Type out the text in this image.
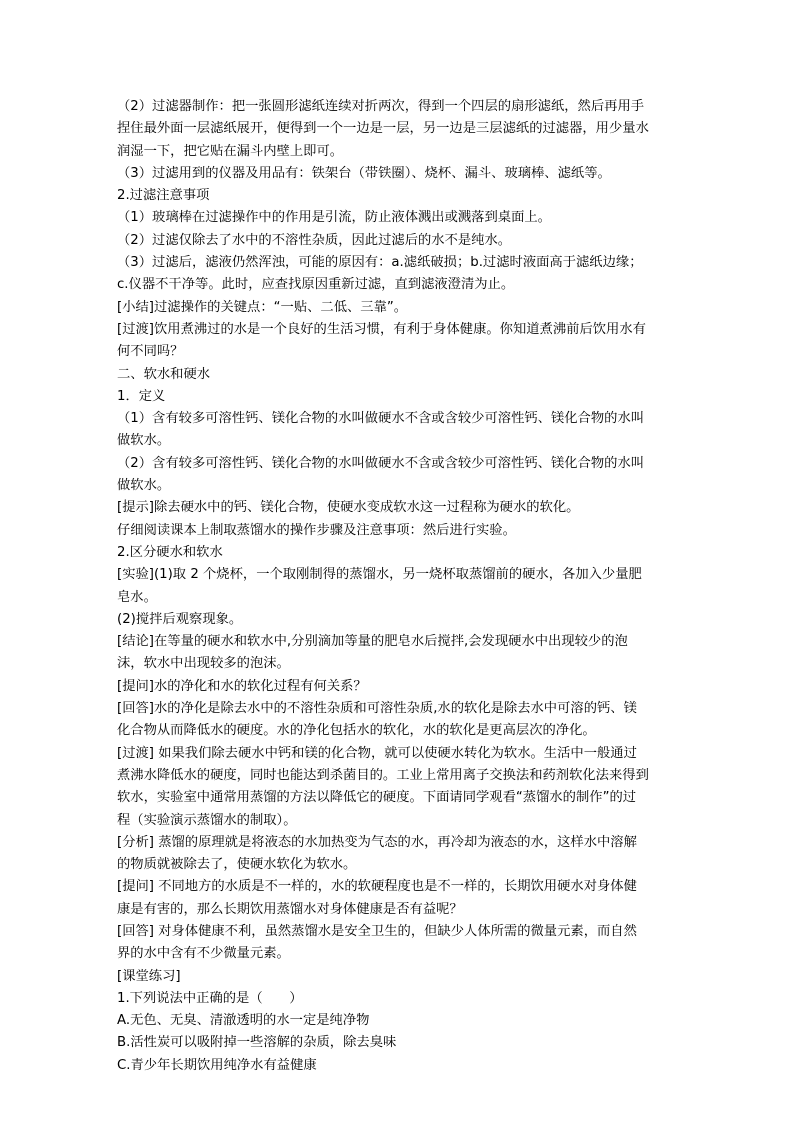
（2）过滤器制作：把一张圆形滤纸连续对折两次，得到一个四层的扇形滤纸，然后再用手
捏住最外面一层滤纸展开，便得到一个一边是一层，另一边是三层滤纸的过滤器，用少量水
润湿一下，把它贴在漏斗内壁上即可。
（3）过滤用到的仪器及用品有：铁架台（带铁圈）、烧杯、漏斗、玻璃棒、滤纸等。
2.过滤注意事项
（1）玻璃棒在过滤操作中的作用是引流，防止液体溅出或溅落到桌面上。
（2）过滤仅除去了水中的不溶性杂质，因此过滤后的水不是纯水。
（3）过滤后，滤液仍然浑浊，可能的原因有：a.滤纸破损；b.过滤时液面高于滤纸边缘；
c.仪器不干净等。此时，应查找原因重新过滤，直到滤液澄清为止。
[小结]过滤操作的关键点：“一贴、二低、三靠”。
[过渡]饮用煮沸过的水是一个良好的生活习惯，有利于身体健康。你知道煮沸前后饮用水有
何不同吗？
二、软水和硬水
1．定义
（1）含有较多可溶性钙、镁化合物的水叫做硬水不含或含较少可溶性钙、镁化合物的水叫
做软水。
（2）含有较多可溶性钙、镁化合物的水叫做硬水不含或含较少可溶性钙、镁化合物的水叫
做软水。
[提示]除去硬水中的钙、镁化合物，使硬水变成软水这一过程称为硬水的软化。
仔细阅读课本上制取蒸馏水的操作步骤及注意事项：然后进行实验。
2.区分硬水和软水
[实验](1)取 2 个烧杯，一个取刚制得的蒸馏水，另一烧杯取蒸馏前的硬水，各加入少量肥
皂水。
(2)搅拌后观察现象。
[结论]在等量的硬水和软水中,分别滴加等量的肥皂水后搅拌,会发现硬水中出现较少的泡
沫，软水中出现较多的泡沫。
[提问]水的净化和水的软化过程有何关系？
[回答]水的净化是除去水中的不溶性杂质和可溶性杂质,水的软化是除去水中可溶的钙、镁
化合物从而降低水的硬度。水的净化包括水的软化，水的软化是更高层次的净化。
[过渡] 如果我们除去硬水中钙和镁的化合物，就可以使硬水转化为软水。生活中一般通过
煮沸水降低水的硬度，同时也能达到杀菌目的。工业上常用离子交换法和药剂软化法来得到
软水，实验室中通常用蒸馏的方法以降低它的硬度。下面请同学观看“蒸馏水的制作”的过
程（实验演示蒸馏水的制取）。
[分析] 蒸馏的原理就是将液态的水加热变为气态的水，再冷却为液态的水，这样水中溶解
的物质就被除去了，使硬水软化为软水。
[提问] 不同地方的水质是不一样的，水的软硬程度也是不一样的，长期饮用硬水对身体健
康是有害的，那么长期饮用蒸馏水对身体健康是否有益呢？
[回答] 对身体健康不利，虽然蒸馏水是安全卫生的，但缺少人体所需的微量元素，而自然
界的水中含有不少微量元素。
[课堂练习]
1.下列说法中正确的是（　　）
A.无色、无臭、清澈透明的水一定是纯净物
B.活性炭可以吸附掉一些溶解的杂质，除去臭味
C.青少年长期饮用纯净水有益健康
